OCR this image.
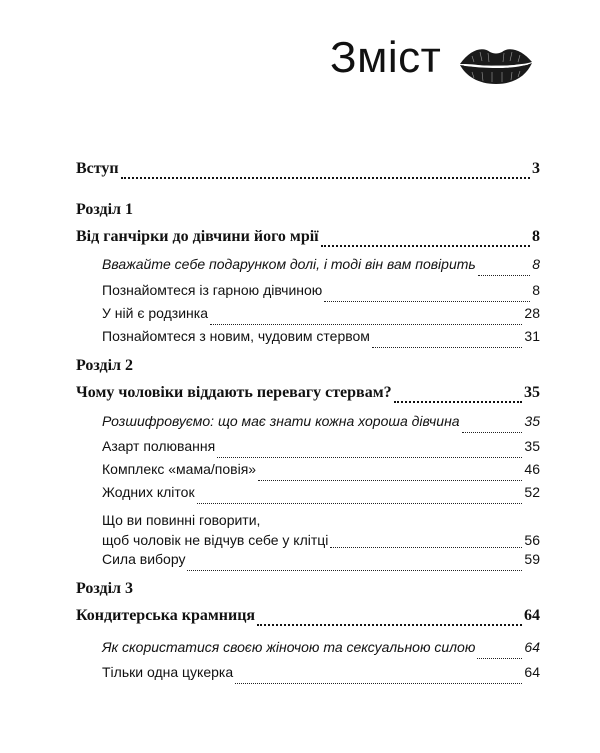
Зміст
Вступ	3
Розділ 1
Від ганчірки до дівчини його мрії	8
Вважайте себе подарунком долі, і тоді він вам повірить	8
Познайомтеся із гарною дівчиною	8
У ній є родзинка	28
Познайомтеся з новим, чудовим стервом	31
Розділ 2
Чому чоловіки віддають перевагу стервам?	35
Розшифровуємо: що має знати кожна хороша дівчина	35
Азарт полювання	35
Комплекс «мама/повія»	46
Жодних кліток	52
Що ви повинні говорити,
щоб чоловік не відчув себе у клітці	56
Сила вибору	59
Розділ 3
Кондитерська крамниця	64
Як скористатися своєю жіночою та сексуальною силою	64
Тільки одна цукерка	64
